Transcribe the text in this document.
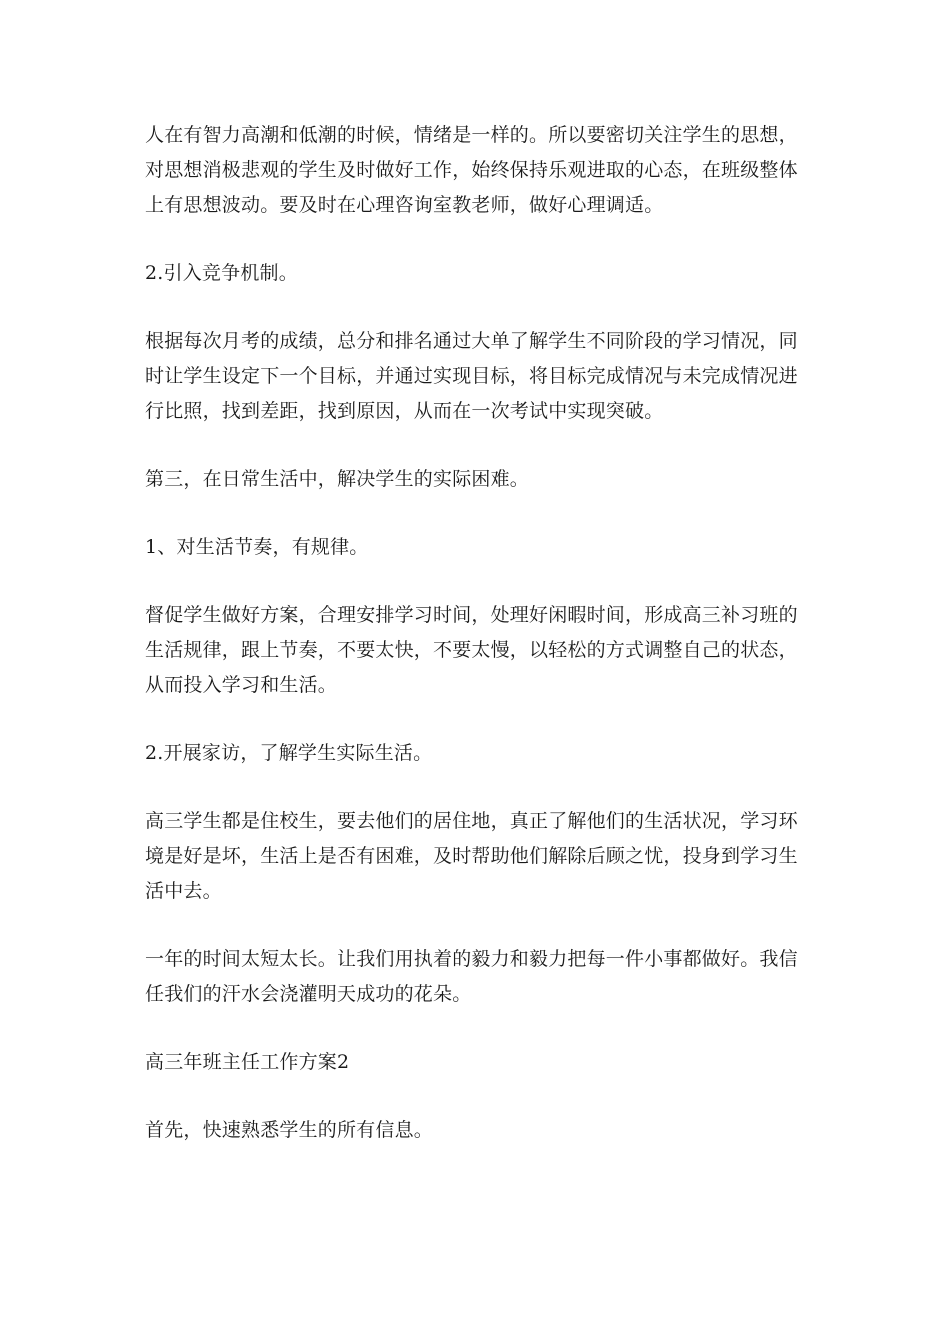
人在有智力高潮和低潮的时候，情绪是一样的。所以要密切关注学生的思想，对思想消极悲观的学生及时做好工作，始终保持乐观进取的心态，在班级整体上有思想波动。要及时在心理咨询室教老师，做好心理调适。

2.引入竞争机制。

根据每次月考的成绩，总分和排名通过大单了解学生不同阶段的学习情况，同时让学生设定下一个目标，并通过实现目标，将目标完成情况与未完成情况进行比照，找到差距，找到原因，从而在一次考试中实现突破。

第三，在日常生活中，解决学生的实际困难。

1、对生活节奏，有规律。

督促学生做好方案，合理安排学习时间，处理好闲暇时间，形成高三补习班的生活规律，跟上节奏，不要太快，不要太慢，以轻松的方式调整自己的状态，从而投入学习和生活。

2.开展家访，了解学生实际生活。

高三学生都是住校生，要去他们的居住地，真正了解他们的生活状况，学习环境是好是坏，生活上是否有困难，及时帮助他们解除后顾之忧，投身到学习生活中去。

一年的时间太短太长。让我们用执着的毅力和毅力把每一件小事都做好。我信任我们的汗水会浇灌明天成功的花朵。

高三年班主任工作方案2

首先，快速熟悉学生的所有信息。
